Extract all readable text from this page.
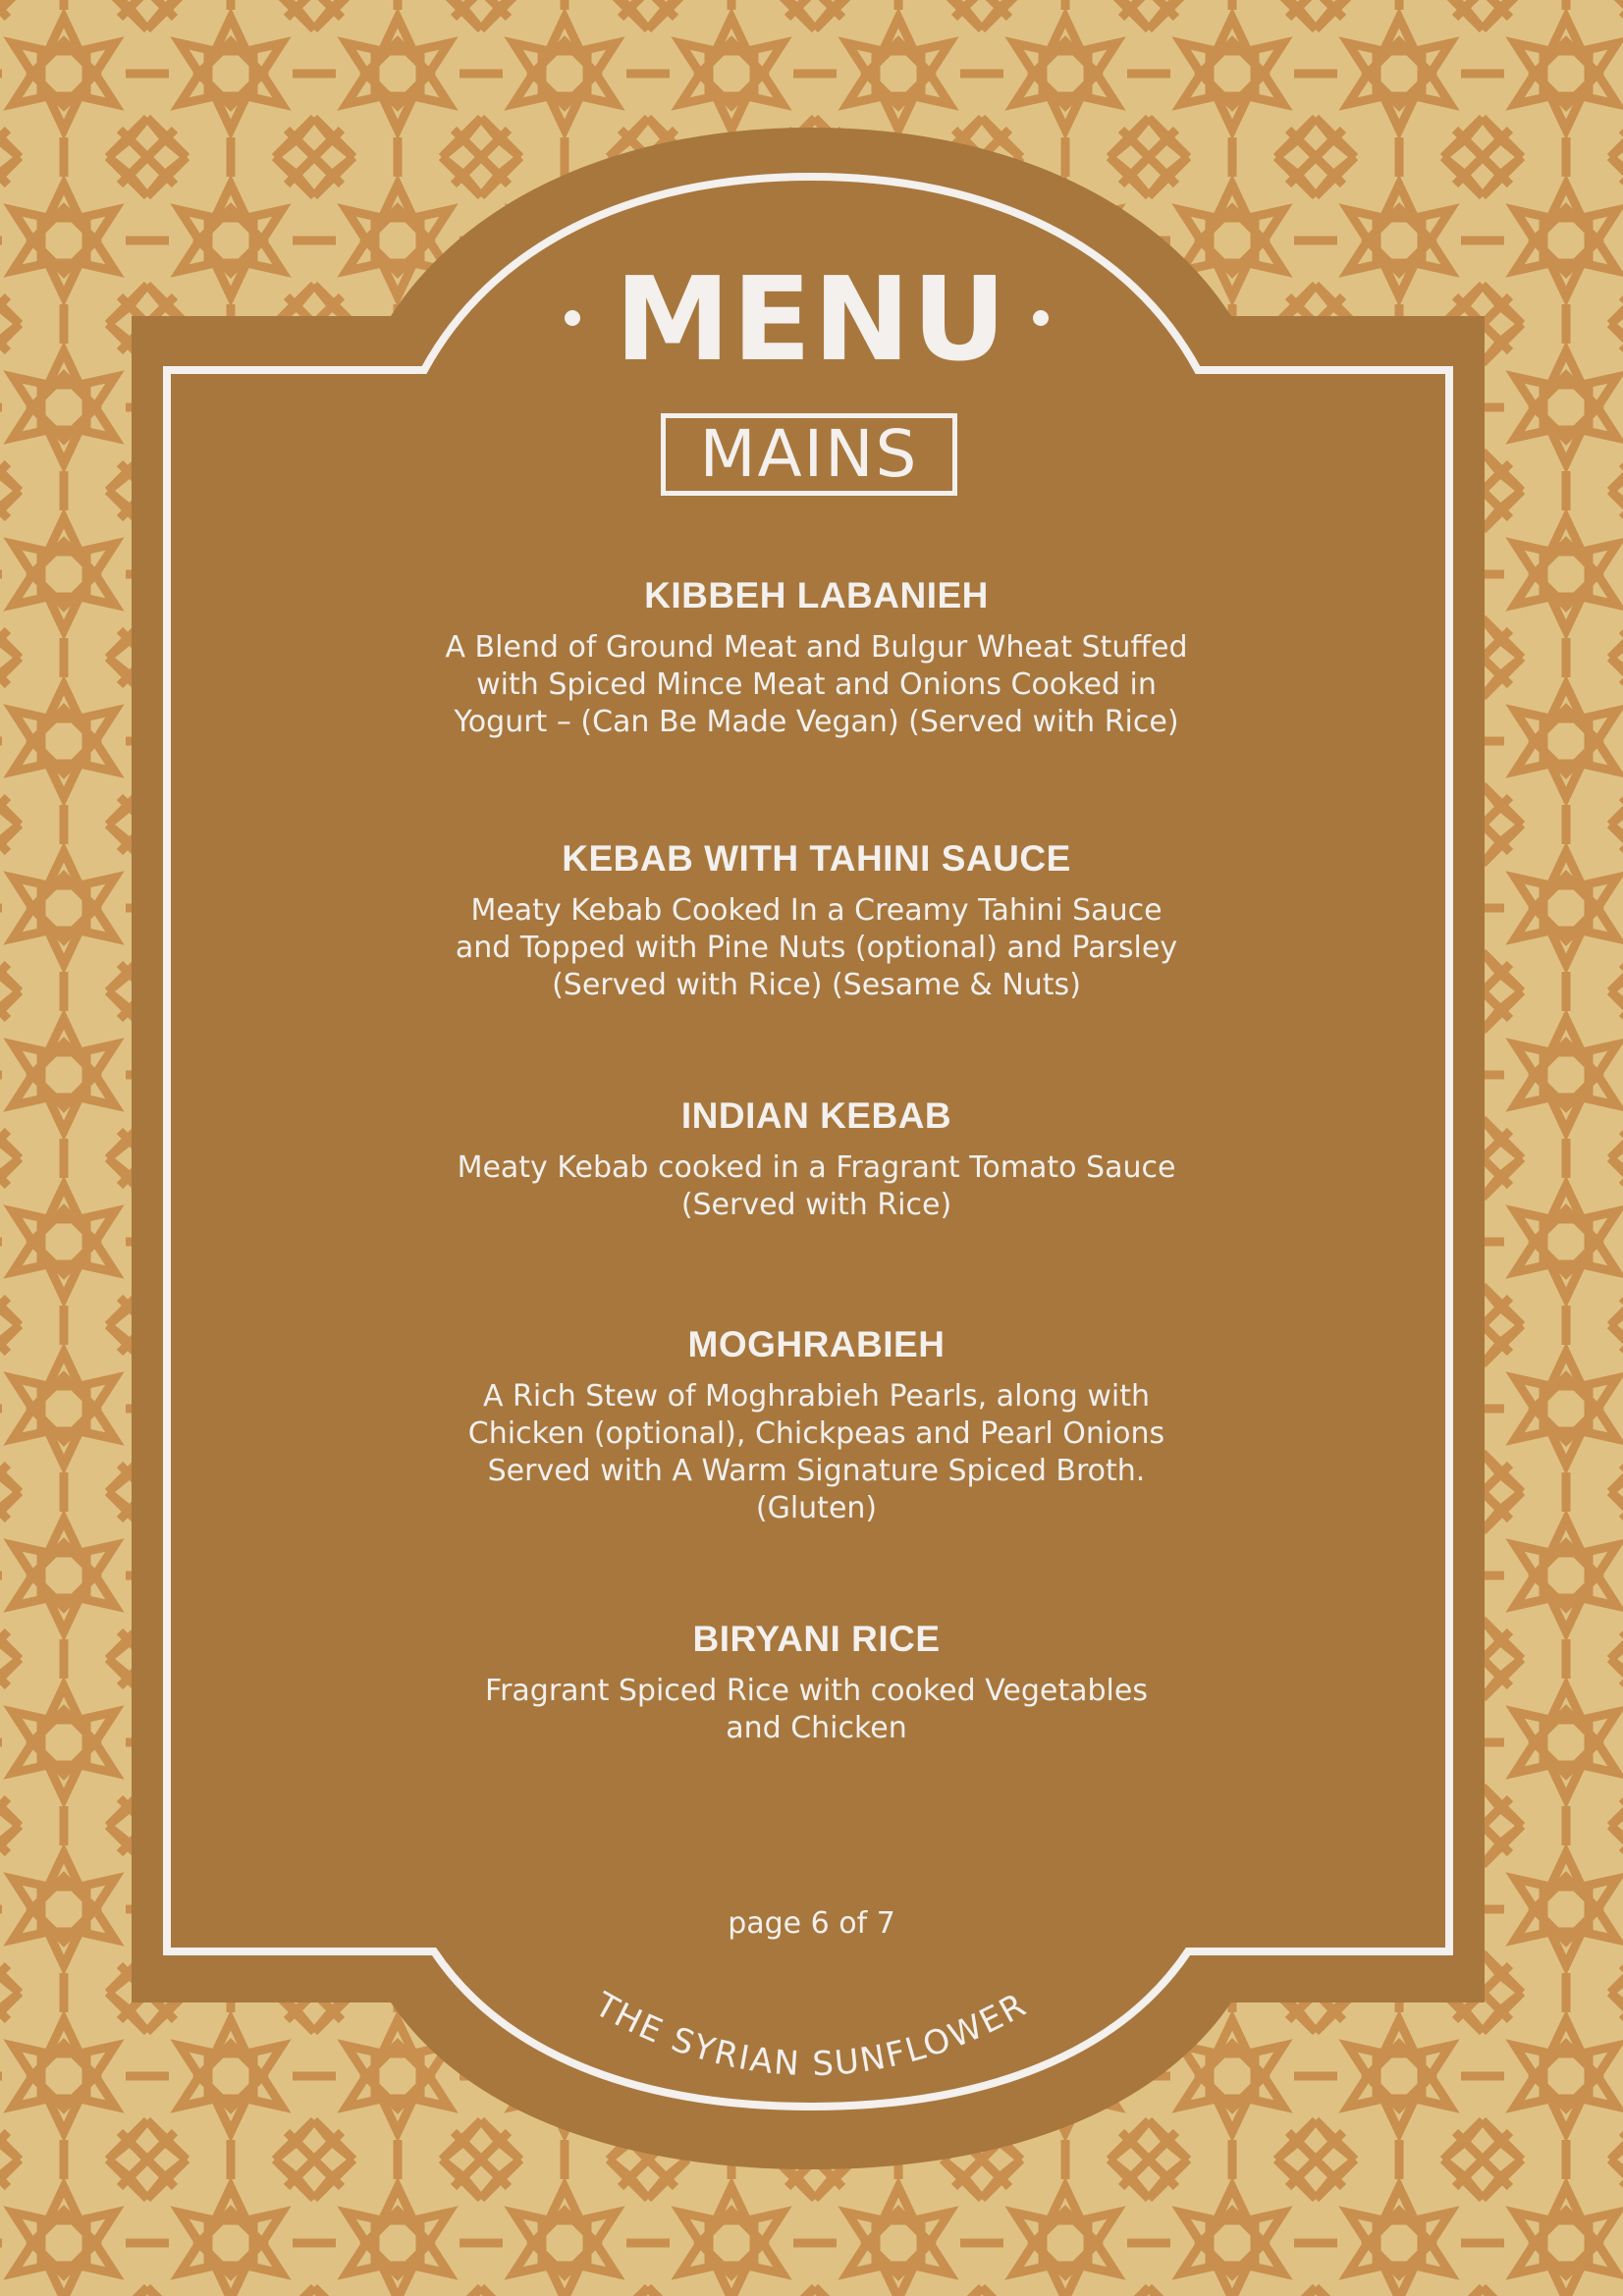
MENU
MAINS
KIBBEH LABANIEH
A Blend of Ground Meat and Bulgur Wheat Stuffed
with Spiced Mince Meat and Onions Cooked in
Yogurt – (Can Be Made Vegan) (Served with Rice)
KEBAB WITH TAHINI SAUCE
Meaty Kebab Cooked In a Creamy Tahini Sauce
and Topped with Pine Nuts (optional) and Parsley
(Served with Rice) (Sesame & Nuts)
INDIAN KEBAB
Meaty Kebab cooked in a Fragrant Tomato Sauce
(Served with Rice)
MOGHRABIEH
A Rich Stew of Moghrabieh Pearls, along with
Chicken (optional), Chickpeas and Pearl Onions
Served with A Warm Signature Spiced Broth.
(Gluten)
BIRYANI RICE
Fragrant Spiced Rice with cooked Vegetables
and Chicken
page 6 of 7
THE SYRIAN SUNFLOWER
